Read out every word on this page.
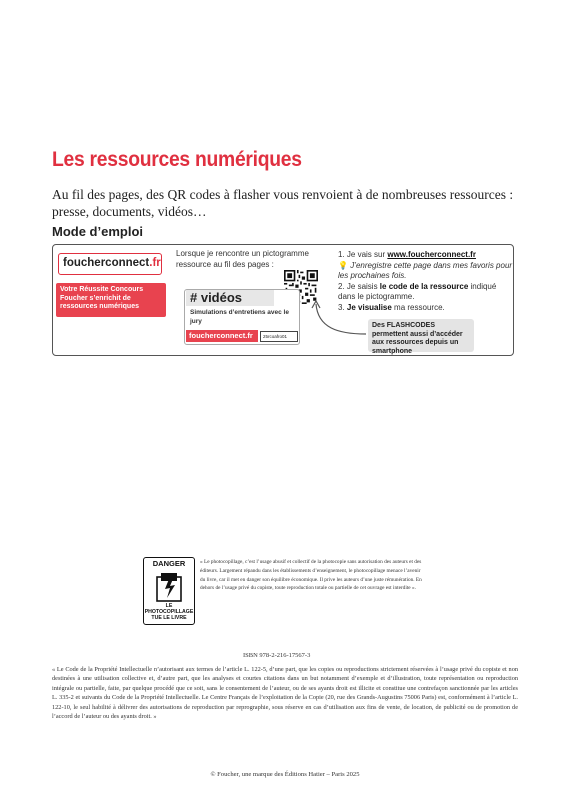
Les ressources numériques
Au fil des pages, des QR codes à flasher vous renvoient à de nombreuses ressources : presse, documents, vidéos…
Mode d’emploi
foucherconnect.fr
Votre Réussite Concours Foucher s’enrichit de ressources numériques
Lorsque je rencontre un pictogramme ressource au fil des pages :
# vidéos
Simulations d’entretiens avec le jury
foucherconnect.fr	25rcoafro01
1. Je vais sur www.foucherconnect.fr
💡 J’enregistre cette page dans mes favoris pour les prochaines fois.
2. Je saisis le code de la ressource indiqué dans le pictogramme.
3. Je visualise ma ressource.
Des FLASHCODES permettent aussi d’accéder aux ressources depuis un smartphone
DANGER
LE PHOTOCOPILLAGE TUE LE LIVRE
« Le photocopillage, c’est l’usage abusif et collectif de la photocopie sans autorisation des auteurs et des éditeurs. Largement répandu dans les établissements d’enseignement, le photocopillage menace l’avenir du livre, car il met en danger son équilibre économique. Il prive les auteurs d’une juste rémunération. En dehors de l’usage privé du copiste, toute reproduction totale ou partielle de cet ouvrage est interdite ».
ISBN 978-2-216-17567-3
« Le Code de la Propriété Intellectuelle n’autorisant aux termes de l’article L. 122-5, d’une part, que les copies ou reproductions strictement réservées à l’usage privé du copiste et non destinées à une utilisation collective et, d’autre part, que les analyses et courtes citations dans un but notamment d’exemple et d’illustration, toute représentation ou reproduction intégrale ou partielle, faite, par quelque procédé que ce soit, sans le consentement de l’auteur, ou de ses ayants droit est illicite et constitue une contrefaçon sanctionnée par les articles L. 335-2 et suivants du Code de la Propriété Intellectuelle. Le Centre Français de l’exploitation de la Copie (20, rue des Grands-Augustins 75006 Paris) est, conformément à l’article L. 122-10, le seul habilité à délivrer des autorisations de reproduction par reprographie, sous réserve en cas d’utilisation aux fins de vente, de location, de publicité ou de promotion de l’accord de l’auteur ou des ayants droit. »
© Foucher, une marque des Éditions Hatier – Paris 2025
